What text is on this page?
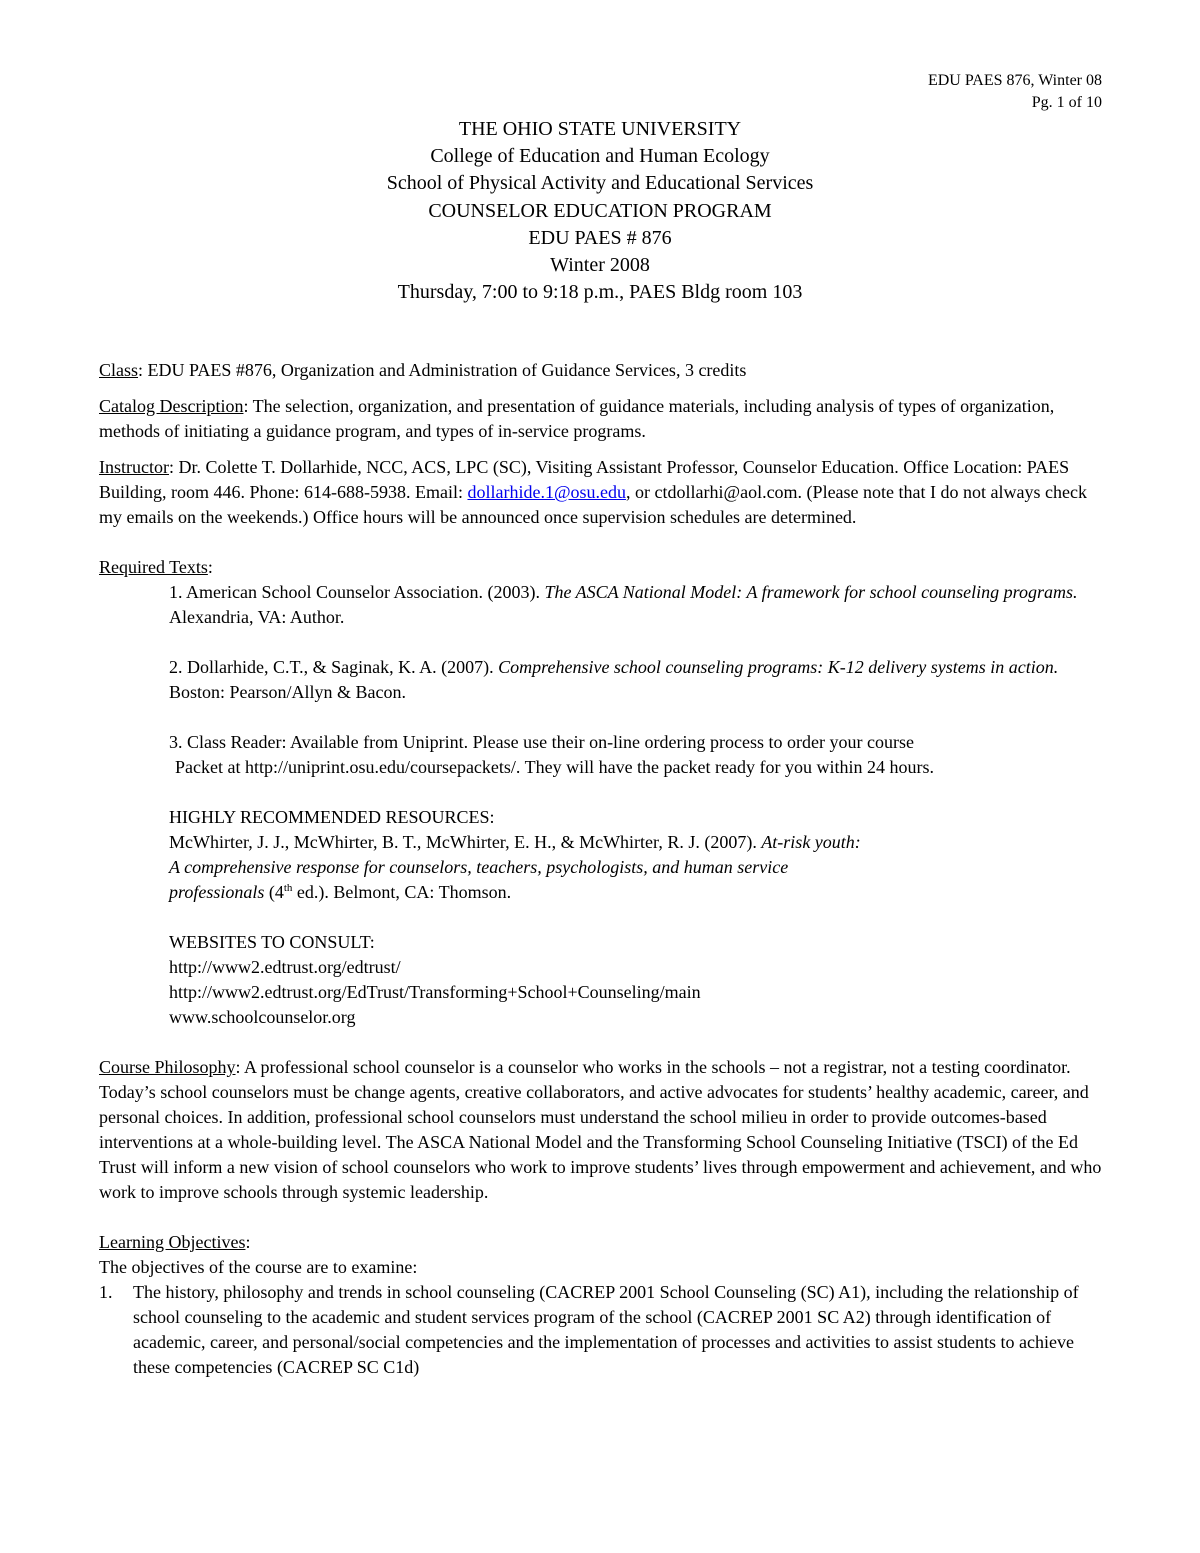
EDU PAES 876, Winter 08
Pg. 1 of 10
THE OHIO STATE UNIVERSITY
College of Education and Human Ecology
School of Physical Activity and Educational Services
COUNSELOR EDUCATION PROGRAM
EDU PAES # 876
Winter 2008
Thursday, 7:00 to 9:18 p.m., PAES Bldg room 103

Class: EDU PAES #876, Organization and Administration of Guidance Services, 3 credits

Catalog Description: The selection, organization, and presentation of guidance materials, including analysis of types of organization, methods of initiating a guidance program, and types of in-service programs.

Instructor: Dr. Colette T. Dollarhide, NCC, ACS, LPC (SC), Visiting Assistant Professor, Counselor Education. Office Location: PAES Building, room 446. Phone: 614-688-5938. Email: dollarhide.1@osu.edu, or ctdollarhi@aol.com. (Please note that I do not always check my emails on the weekends.) Office hours will be announced once supervision schedules are determined.

Required Texts:
1. American School Counselor Association. (2003). The ASCA National Model: A framework for school counseling programs. Alexandria, VA: Author.
2. Dollarhide, C.T., & Saginak, K. A. (2007). Comprehensive school counseling programs: K-12 delivery systems in action. Boston: Pearson/Allyn & Bacon.
3. Class Reader: Available from Uniprint. Please use their on-line ordering process to order your course
Packet at http://uniprint.osu.edu/coursepackets/. They will have the packet ready for you within 24 hours.
HIGHLY RECOMMENDED RESOURCES:
McWhirter, J. J., McWhirter, B. T., McWhirter, E. H., & McWhirter, R. J. (2007). At-risk youth:
A comprehensive response for counselors, teachers, psychologists, and human service
professionals (4th ed.). Belmont, CA: Thomson.
WEBSITES TO CONSULT:
http://www2.edtrust.org/edtrust/
http://www2.edtrust.org/EdTrust/Transforming+School+Counseling/main
www.schoolcounselor.org

Course Philosophy: A professional school counselor is a counselor who works in the schools – not a registrar, not a testing coordinator. Today’s school counselors must be change agents, creative collaborators, and active advocates for students’ healthy academic, career, and personal choices. In addition, professional school counselors must understand the school milieu in order to provide outcomes-based interventions at a whole-building level. The ASCA National Model and the Transforming School Counseling Initiative (TSCI) of the Ed Trust will inform a new vision of school counselors who work to improve students’ lives through empowerment and achievement, and who work to improve schools through systemic leadership.

Learning Objectives:
The objectives of the course are to examine:
1.	The history, philosophy and trends in school counseling (CACREP 2001 School Counseling (SC) A1), including the relationship of school counseling to the academic and student services program of the school (CACREP 2001 SC A2) through identification of academic, career, and personal/social competencies and the implementation of processes and activities to assist students to achieve these competencies (CACREP SC C1d)
